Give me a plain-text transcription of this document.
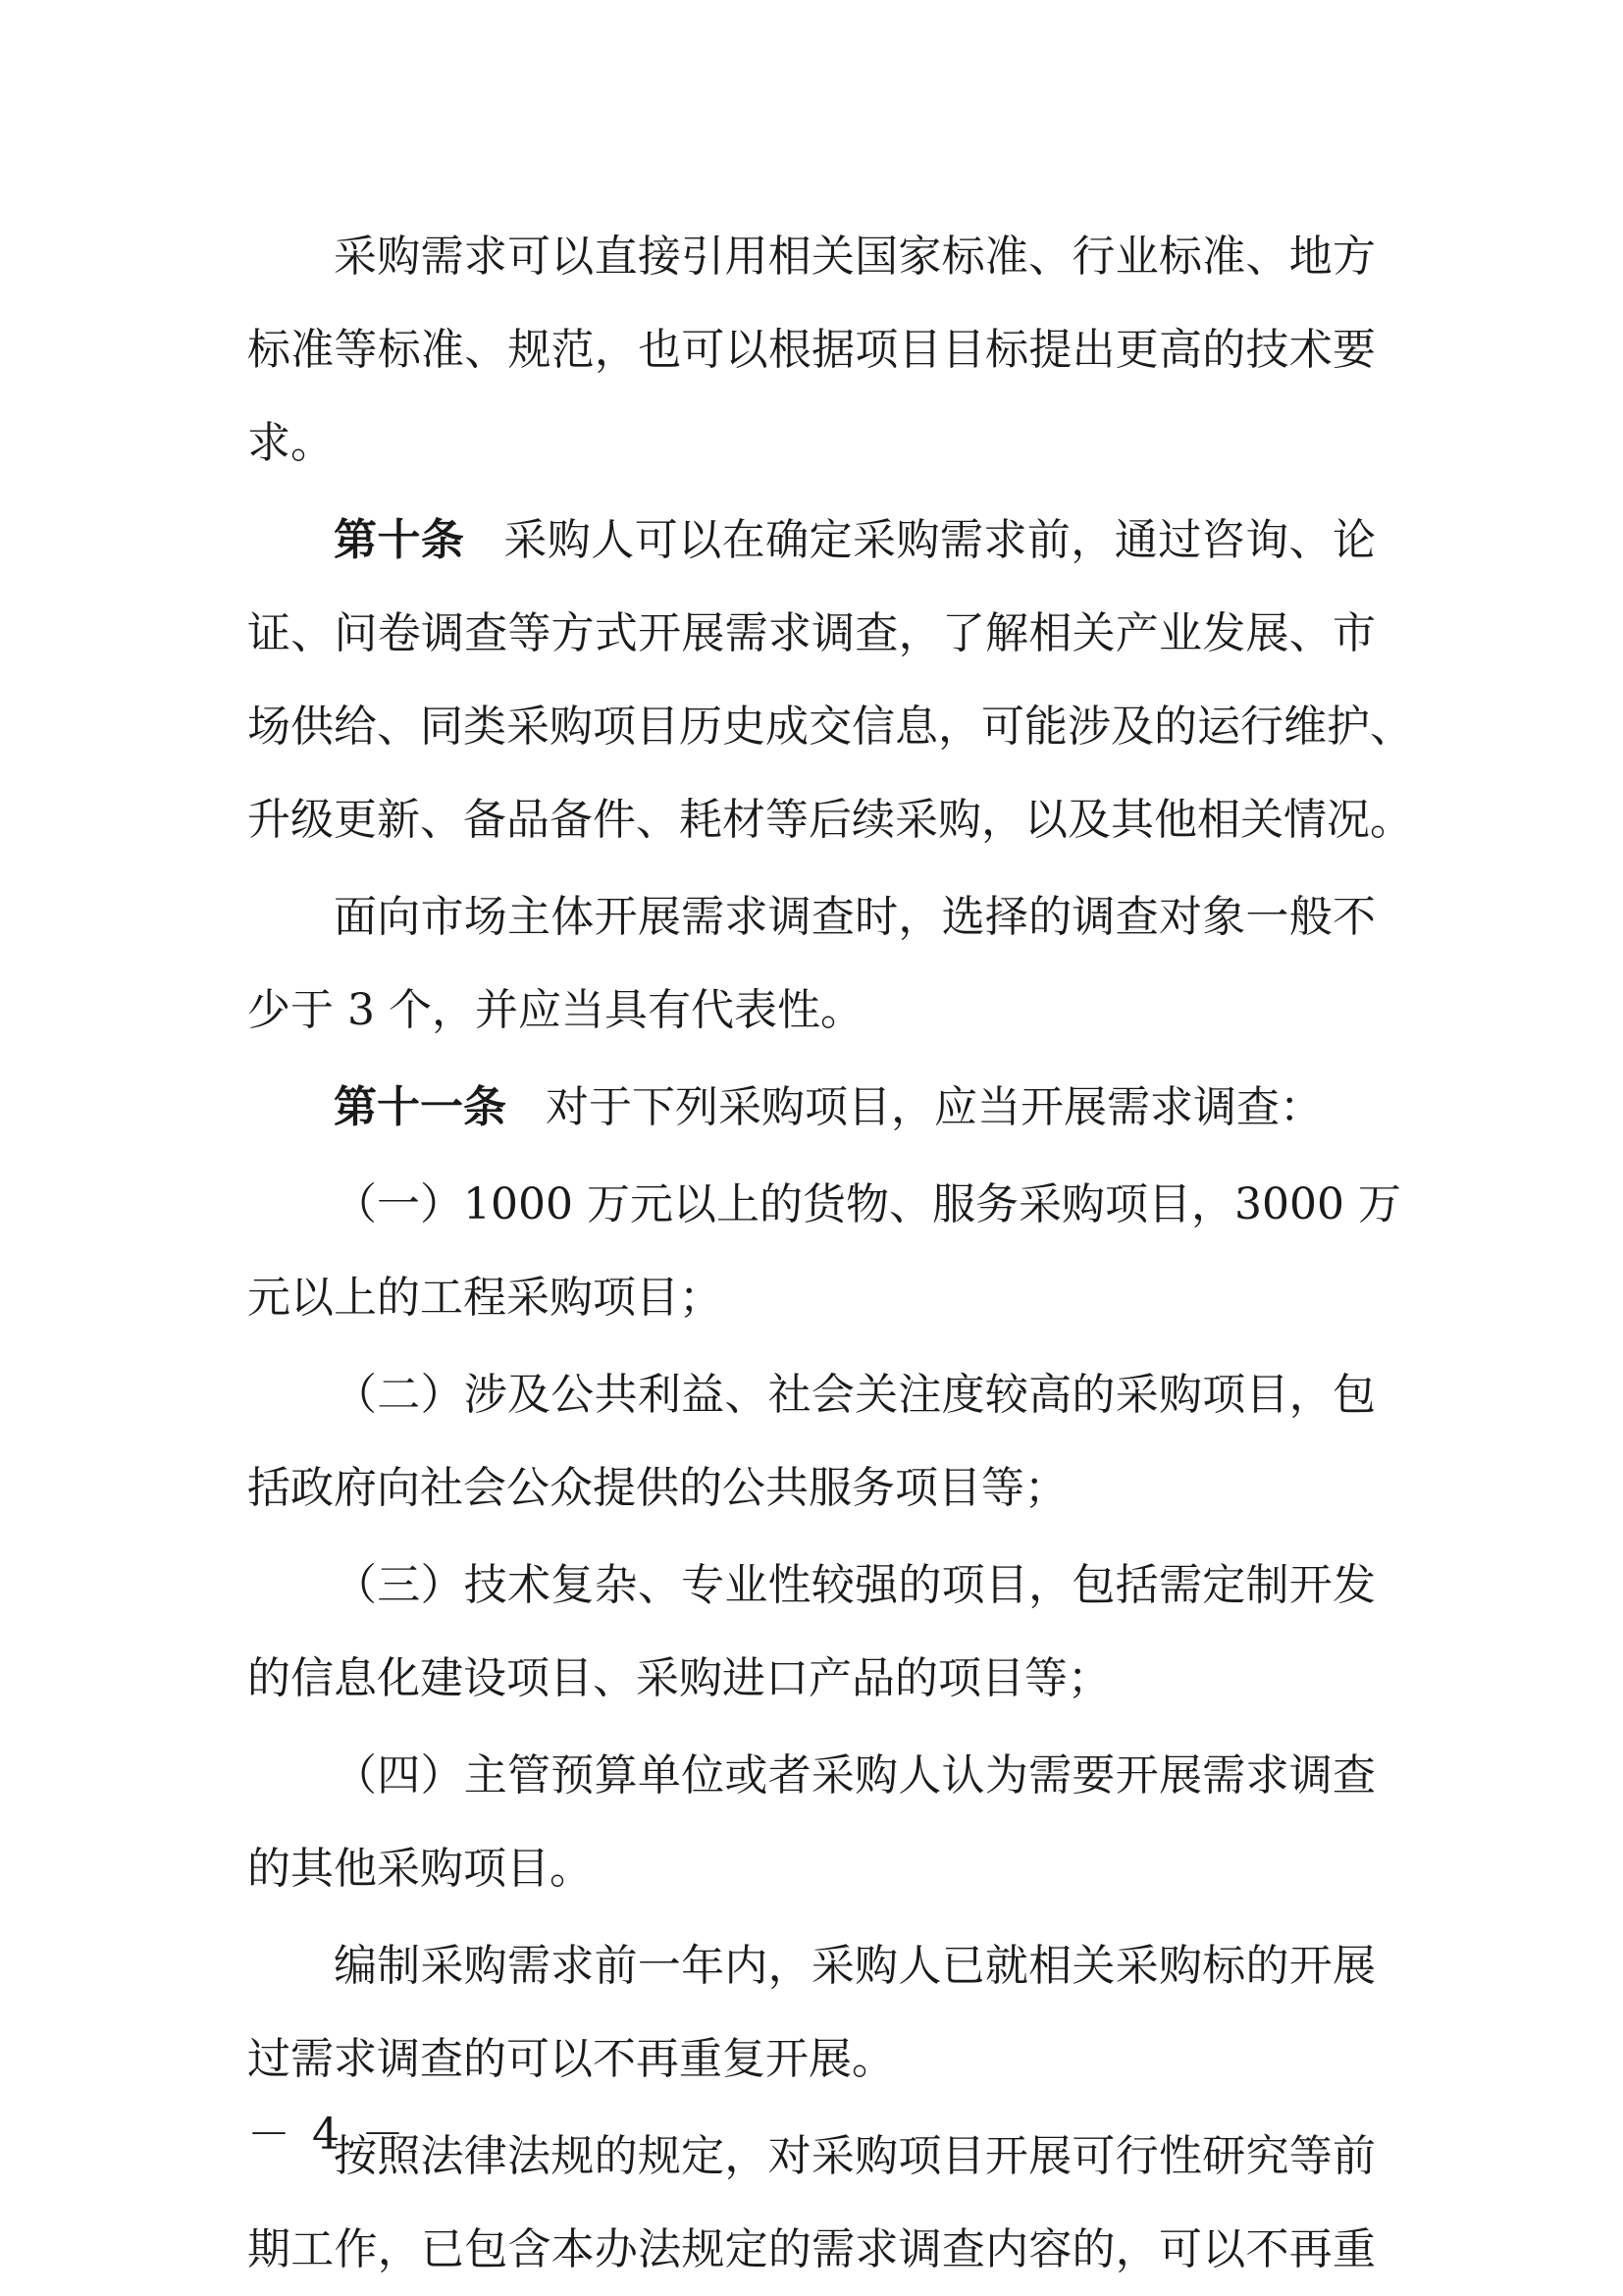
采购需求可以直接引用相关国家标准、行业标准、地方
标准等标准、规范，也可以根据项目目标提出更高的技术要
求。
第十条 采购人可以在确定采购需求前，通过咨询、论
证、问卷调查等方式开展需求调查，了解相关产业发展、市
场供给、同类采购项目历史成交信息，可能涉及的运行维护、
升级更新、备品备件、耗材等后续采购，以及其他相关情况。
面向市场主体开展需求调查时，选择的调查对象一般不
少于 3 个，并应当具有代表性。
第十一条 对于下列采购项目，应当开展需求调查：
（一）1000 万元以上的货物、服务采购项目，3000 万
元以上的工程采购项目；
（二）涉及公共利益、社会关注度较高的采购项目，包
括政府向社会公众提供的公共服务项目等；
（三）技术复杂、专业性较强的项目，包括需定制开发
的信息化建设项目、采购进口产品的项目等；
（四）主管预算单位或者采购人认为需要开展需求调查
的其他采购项目。
编制采购需求前一年内，采购人已就相关采购标的开展
过需求调查的可以不再重复开展。
按照法律法规的规定，对采购项目开展可行性研究等前
期工作，已包含本办法规定的需求调查内容的，可以不再重
－ 4 －
